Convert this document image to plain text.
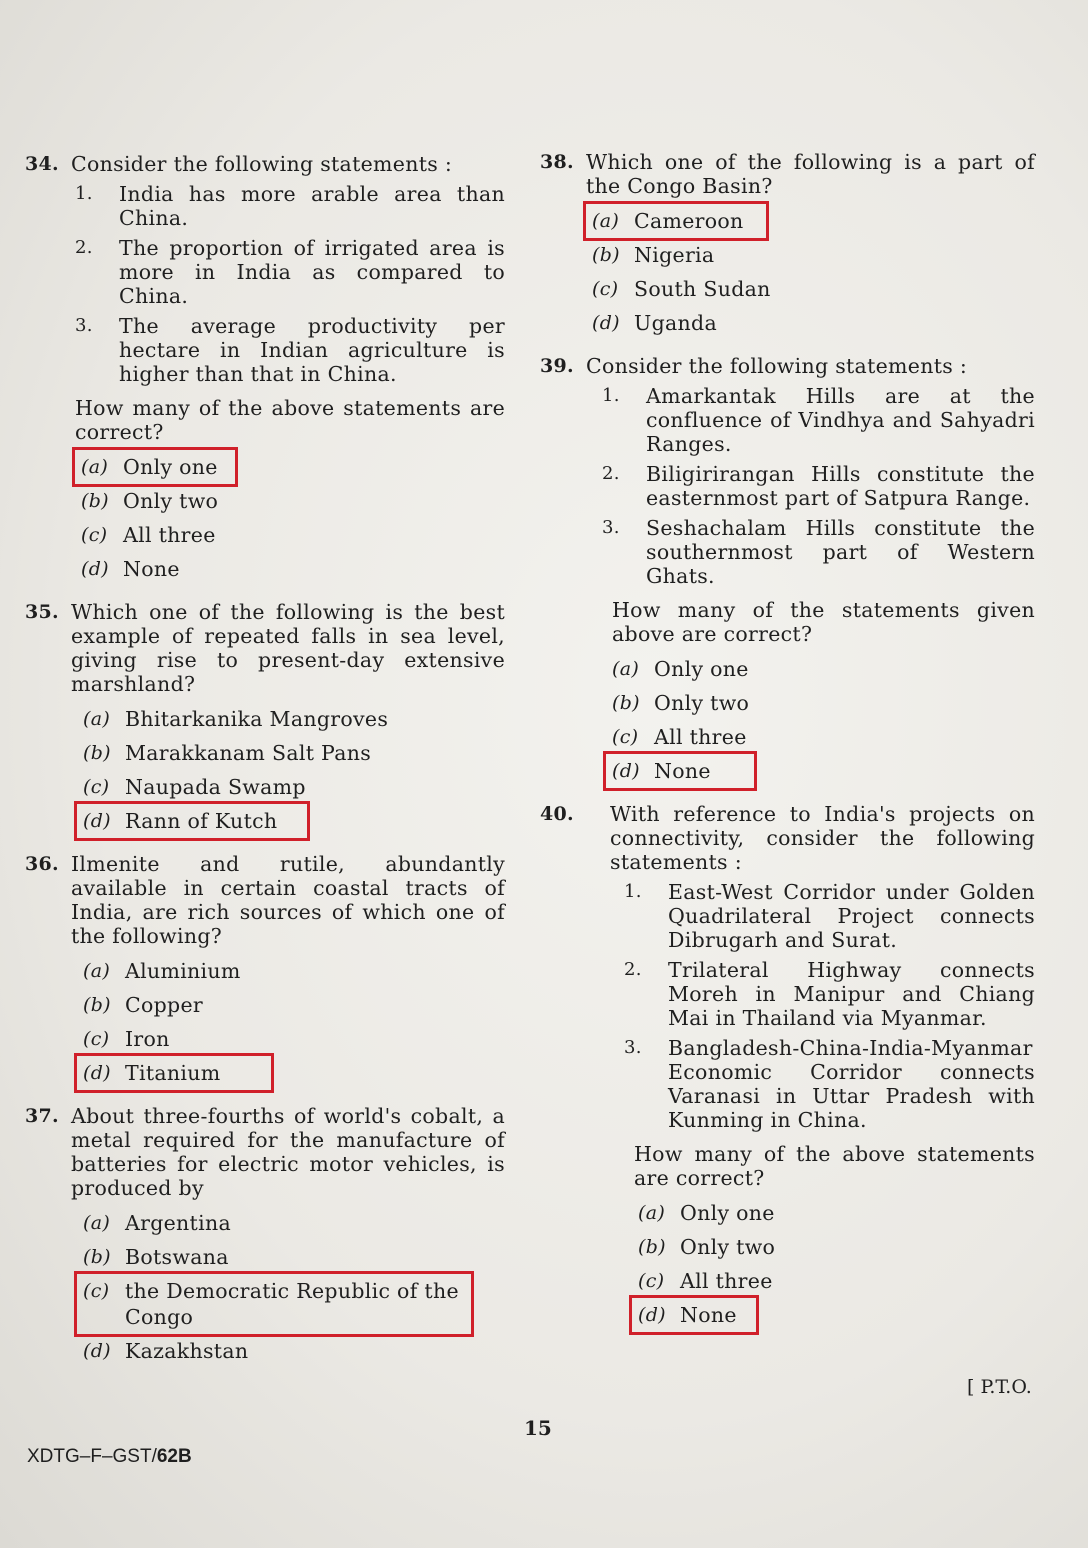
34. Consider the following statements :
1. India has more arable area than China.
2. The proportion of irrigated area is more in India as compared to China.
3. The average productivity per hectare in Indian agriculture is higher than that in China.
How many of the above statements are correct?
(a) Only one
(b) Only two
(c) All three
(d) None
35. Which one of the following is the best example of repeated falls in sea level, giving rise to present-day extensive marshland?
(a) Bhitarkanika Mangroves
(b) Marakkanam Salt Pans
(c) Naupada Swamp
(d) Rann of Kutch
36. Ilmenite and rutile, abundantly available in certain coastal tracts of India, are rich sources of which one of the following?
(a) Aluminium
(b) Copper
(c) Iron
(d) Titanium
37. About three-fourths of world's cobalt, a metal required for the manufacture of batteries for electric motor vehicles, is produced by
(a) Argentina
(b) Botswana
(c) the Democratic Republic of the Congo
(d) Kazakhstan
38. Which one of the following is a part of the Congo Basin?
(a) Cameroon
(b) Nigeria
(c) South Sudan
(d) Uganda
39. Consider the following statements :
1. Amarkantak Hills are at the confluence of Vindhya and Sahyadri Ranges.
2. Biligirirangan Hills constitute the easternmost part of Satpura Range.
3. Seshachalam Hills constitute the southernmost part of Western Ghats.
How many of the statements given above are correct?
(a) Only one
(b) Only two
(c) All three
(d) None
40. With reference to India's projects on connectivity, consider the following statements :
1. East-West Corridor under Golden Quadrilateral Project connects Dibrugarh and Surat.
2. Trilateral Highway connects Moreh in Manipur and Chiang Mai in Thailand via Myanmar.
3. Bangladesh-China-India-Myanmar Economic Corridor connects Varanasi in Uttar Pradesh with Kunming in China.
How many of the above statements are correct?
(a) Only one
(b) Only two
(c) All three
(d) None
[ P.T.O.
15
XDTG–F–GST/62B
